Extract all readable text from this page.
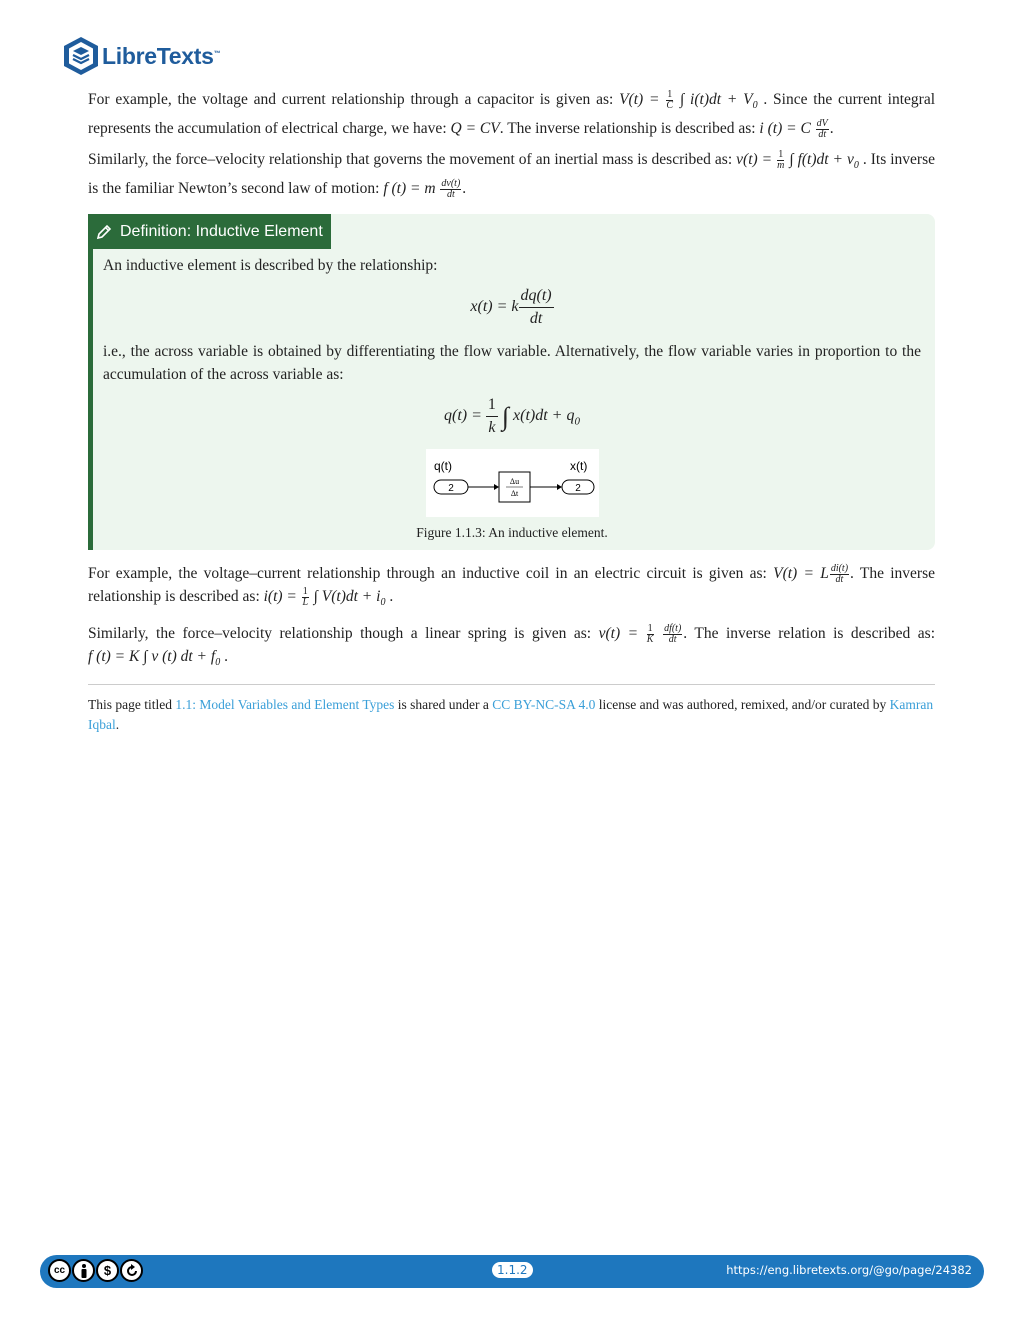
LibreTexts™

For example, the voltage and current relationship through a capacitor is given as: $V(t) = \frac{1}{C}$ ∫ $i(t)dt + V_0$ . Since the current integral represents the accumulation of electrical charge, we have: Q = CV. The inverse relationship is described as: i (t) = C $\frac{dV}{dt}$ .

Similarly, the force–velocity relationship that governs the movement of an inertial mass is described as: $v(t) = \frac{1}{m}$ ∫ $f(t)dt + v_0$ . Its inverse is the familiar Newton’s second law of motion: f (t) = m $\frac{dv(t)}{dt}$ .

Definition: Inductive Element

An inductive element is described by the relationship:

x(t) = k $\frac{dq(t)}{dt}$

i.e., the across variable is obtained by differentiating the flow variable. Alternatively, the flow variable varies in proportion to the accumulation of the across variable as:

$q(t) = \frac{1}{k}$ ∫ $x(t)dt + q_0$
q(t)	x(t)
2
Δu
Δt	2
Figure 1.1.3: An inductive element.

For example, the voltage–current relationship through an inductive coil in an electric circuit is given as: V(t) = L $\frac{di(t)}{dt}$ . The inverse relationship is described as: $i(t) = \frac{1}{L}$ ∫ $V(t)dt + i_0$ .

Similarly, the force–velocity relationship though a linear spring is given as: $v(t) = \frac{1}{K}$
$\frac{df(t)}{dt}$ . The inverse relation is described as: f (t) = K ∫ v (t) dt + $f_0$ .

This page titled 1.1: Model Variables and Element Types is shared under a CC BY-NC-SA 4.0 license and was authored, remixed, and/or curated by Kamran Iqbal.
cc	$	1.1.2	https://eng.libretexts.org/@go/page/24382
